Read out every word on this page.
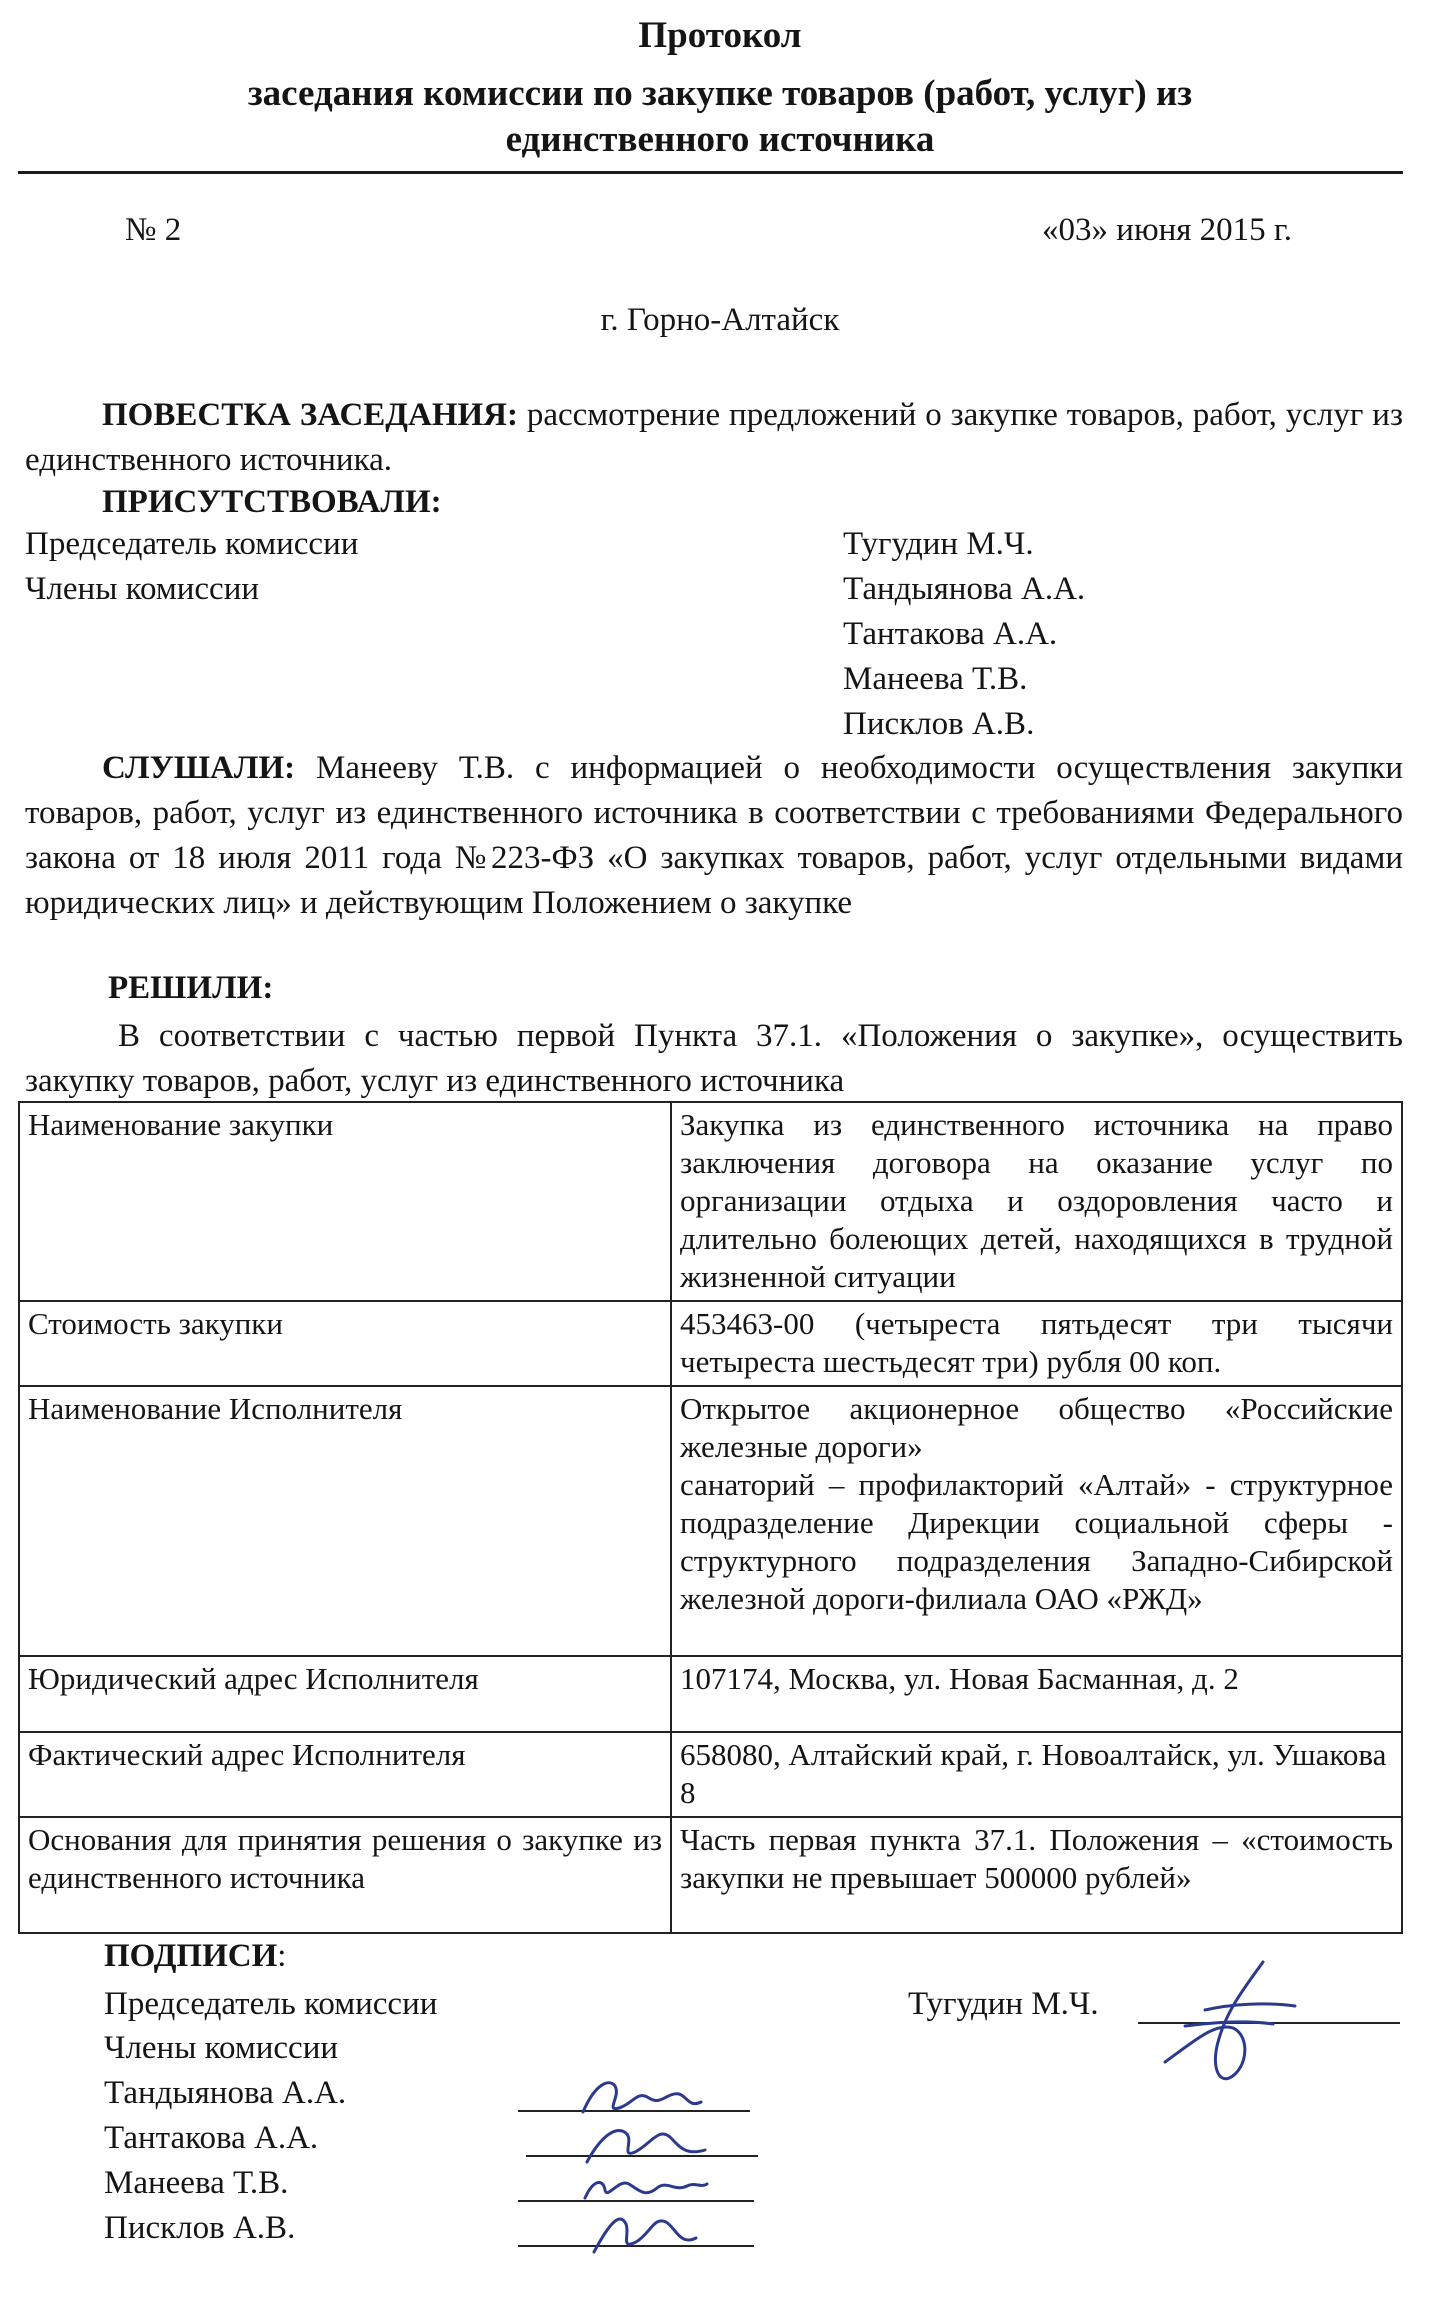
Протокол
заседания комиссии по закупке товаров (работ, услуг) из
единственного источника
№ 2	«03» июня 2015 г.
г. Горно-Алтайск

ПОВЕСТКА ЗАСЕДАНИЯ: рассмотрение предложений о закупке товаров, работ, услуг из единственного источника.

ПРИСУТСТВОВАЛИ:
Председатель комиссии	Тугудин М.Ч.
Члены комиссии	Тандыянова А.А.
Тантакова А.А.
Манеева Т.В.
Писклов А.В.

СЛУШАЛИ: Манееву Т.В. с информацией о необходимости осуществления закупки товаров, работ, услуг из единственного источника в соответствии с требованиями Федерального закона от 18 июля 2011 года №223-ФЗ «О закупках товаров, работ, услуг отдельными видами юридических лиц» и действующим Положением о закупке

РЕШИЛИ:

В соответствии с частью первой Пункта 37.1. «Положения о закупке», осуществить закупку товаров, работ, услуг из единственного источника

Наименование закупки	Закупка из единственного источника на право заключения договора на оказание услуг по организации отдыха и оздоровления часто и длительно болеющих детей, находящихся в трудной жизненной ситуации
Стоимость закупки	453463-00 (четыреста пятьдесят три тысячи четыреста шестьдесят три) рубля 00 коп.
Наименование Исполнителя	Открытое акционерное общество «Российские железные дороги»
санаторий – профилакторий «Алтай» - структурное подразделение Дирекции социальной сферы - структурного подразделения Западно-Сибирской железной дороги-филиала ОАО «РЖД»

Юридический адрес Исполнителя	107174, Москва, ул. Новая Басманная, д. 2
Фактический адрес Исполнителя	658080, Алтайский край, г. Новоалтайск, ул. Ушакова 8
Основания для принятия решения о закупке из единственного источника	Часть первая пункта 37.1. Положения – «стоимость закупки не превышает 500000 рублей»
ПОДПИСИ:
Председатель комиссии	Тугудин М.Ч.
Члены комиссии
Тандыянова А.А.
Тантакова А.А.
Манеева Т.В.
Писклов А.В.
